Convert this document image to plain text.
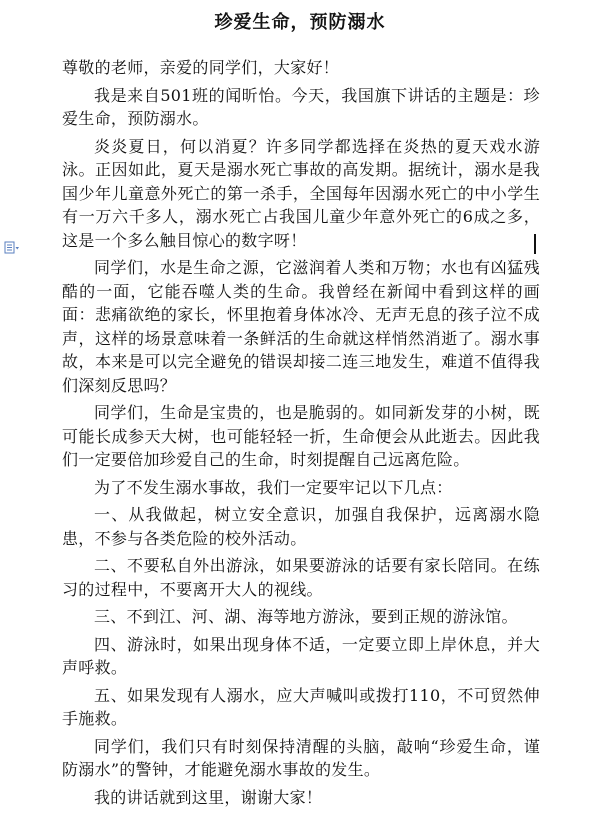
珍爱生命，预防溺水

尊敬的老师，亲爱的同学们，大家好！

我是来自501班的闻昕怡。今天，我国旗下讲话的主题是：珍爱生命，预防溺水。

炎炎夏日，何以消夏？许多同学都选择在炎热的夏天戏水游泳。正因如此，夏天是溺水死亡事故的高发期。据统计，溺水是我国少年儿童意外死亡的第一杀手，全国每年因溺水死亡的中小学生有一万六千多人，溺水死亡占我国儿童少年意外死亡的6成之多，这是一个多么触目惊心的数字呀！

同学们，水是生命之源，它滋润着人类和万物；水也有凶猛残酷的一面，它能吞噬人类的生命。我曾经在新闻中看到这样的画面：悲痛欲绝的家长，怀里抱着身体冰冷、无声无息的孩子泣不成声，这样的场景意味着一条鲜活的生命就这样悄然消逝了。溺水事故，本来是可以完全避免的错误却接二连三地发生，难道不值得我们深刻反思吗？

同学们，生命是宝贵的，也是脆弱的。如同新发芽的小树，既可能长成参天大树，也可能轻轻一折，生命便会从此逝去。因此我们一定要倍加珍爱自己的生命，时刻提醒自己远离危险。

为了不发生溺水事故，我们一定要牢记以下几点：

一、从我做起，树立安全意识，加强自我保护，远离溺水隐患，不参与各类危险的校外活动。

二、不要私自外出游泳，如果要游泳的话要有家长陪同。在练习的过程中，不要离开大人的视线。

三、不到江、河、湖、海等地方游泳，要到正规的游泳馆。

四、游泳时，如果出现身体不适，一定要立即上岸休息，并大声呼救。

五、如果发现有人溺水，应大声喊叫或拨打110，不可贸然伸手施救。

同学们，我们只有时刻保持清醒的头脑，敲响“珍爱生命，谨防溺水”的警钟，才能避免溺水事故的发生。

我的讲话就到这里，谢谢大家！
